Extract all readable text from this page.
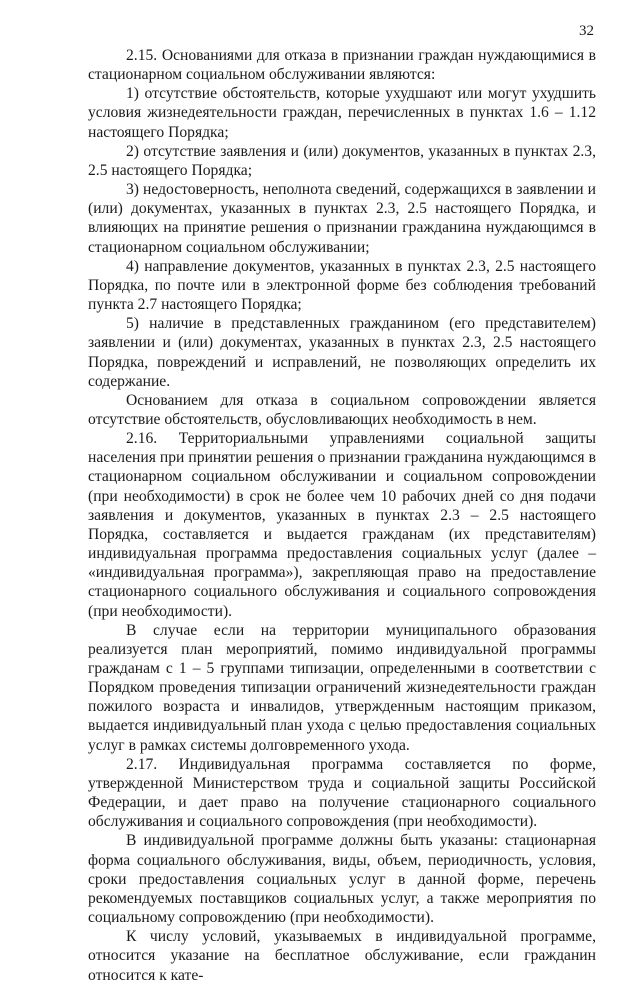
32

2.15. Основаниями для отказа в признании граждан нуждающимися в стационарном социальном обслуживании являются:

1) отсутствие обстоятельств, которые ухудшают или могут ухудшить условия жизнедеятельности граждан, перечисленных в пунктах 1.6 – 1.12 настоящего Порядка;

2) отсутствие заявления и (или) документов, указанных в пунктах 2.3, 2.5 настоящего Порядка;

3) недостоверность, неполнота сведений, содержащихся в заявлении и (или) документах, указанных в пунктах 2.3, 2.5 настоящего Порядка, и влияющих на принятие решения о признании гражданина нуждающимся в стационарном социальном обслуживании;

4) направление документов, указанных в пунктах 2.3, 2.5 настоящего Порядка, по почте или в электронной форме без соблюдения требований пункта 2.7 настоящего Порядка;

5) наличие в представленных гражданином (его представителем) заявлении и (или) документах, указанных в пунктах 2.3, 2.5 настоящего Порядка, повреждений и исправлений, не позволяющих определить их содержание.

Основанием для отказа в социальном сопровождении является отсутствие обстоятельств, обусловливающих необходимость в нем.

2.16. Территориальными управлениями социальной защиты населения при принятии решения о признании гражданина нуждающимся в стационарном социальном обслуживании и социальном сопровождении (при необходимости) в срок не более чем 10 рабочих дней со дня подачи заявления и документов, указанных в пунктах 2.3 – 2.5 настоящего Порядка, составляется и выдается гражданам (их представителям) индивидуальная программа предоставления социальных услуг (далее – «индивидуальная программа»), закрепляющая право на предоставление стационарного социального обслуживания и социального сопровождения (при необходимости).

В случае если на территории муниципального образования реализуется план мероприятий, помимо индивидуальной программы гражданам с 1 – 5 группами типизации, определенными в соответствии с Порядком проведения типизации ограничений жизнедеятельности граждан пожилого возраста и инвалидов, утвержденным настоящим приказом, выдается индивидуальный план ухода с целью предоставления социальных услуг в рамках системы долговременного ухода.

2.17. Индивидуальная программа составляется по форме, утвержденной Министерством труда и социальной защиты Российской Федерации, и дает право на получение стационарного социального обслуживания и социального сопровождения (при необходимости).

В индивидуальной программе должны быть указаны: стационарная форма социального обслуживания, виды, объем, периодичность, условия, сроки предоставления социальных услуг в данной форме, перечень рекомендуемых поставщиков социальных услуг, а также мероприятия по социальному сопровождению (при необходимости).

К числу условий, указываемых в индивидуальной программе, относится указание на бесплатное обслуживание, если гражданин относится к кате-
